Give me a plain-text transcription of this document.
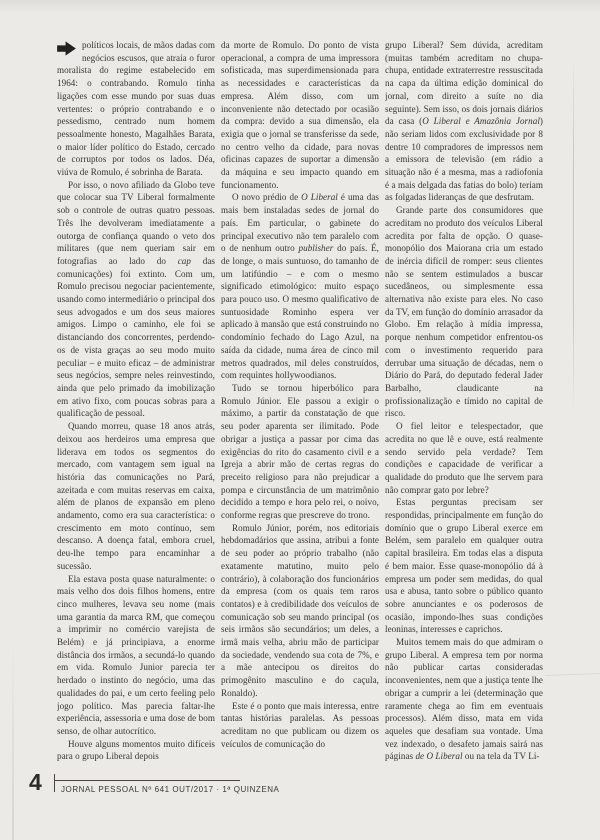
políticos locais, de mãos dadas com negócios escusos, que atraía o furor moralista do regime estabelecido em 1964: o contrabando. Romulo tinha ligações com esse mundo por suas duas vertentes: o próprio contrabando e o pessedismo, centrado num homem pessoalmente honesto, Magalhães Barata, o maior líder político do Estado, cercado de corruptos por todos os lados. Déa, viúva de Romulo, é sobrinha de Barata.

Por isso, o novo afiliado da Globo teve que colocar sua TV Liberal formalmente sob o controle de outras quatro pessoas. Três lhe devolveram imediatamente a outorga de confiança quando o veto dos militares (que nem queriam sair em fotografias ao lado do cap das comunicações) foi extinto. Com um, Romulo precisou negociar pacientemente, usando como intermediário o principal dos seus advogados e um dos seus maiores amigos. Limpo o caminho, ele foi se distanciando dos concorrentes, perdendo-os de vista graças ao seu modo muito peculiar – e muito eficaz – de administrar seus negócios, sempre neles reinvestindo, ainda que pelo primado da imobilização em ativo fixo, com poucas sobras para a qualificação de pessoal.

Quando morreu, quase 18 anos atrás, deixou aos herdeiros uma empresa que liderava em todos os segmentos do mercado, com vantagem sem igual na história das comunicações no Pará, azeitada e com muitas reservas em caixa, além de planos de expansão em pleno andamento, como era sua característica: o crescimento em moto contínuo, sem descanso. A doença fatal, embora cruel, deu-lhe tempo para encaminhar a sucessão.

Ela estava posta quase naturalmente: o mais velho dos dois filhos homens, entre cinco mulheres, levava seu nome (mais uma garantia da marca RM, que começou a imprimir no comércio varejista de Belém) e já principiava, a enorme distância dos irmãos, a secundá-lo quando em vida. Romulo Junior parecia ter herdado o instinto do negócio, uma das qualidades do pai, e um certo feeling pelo jogo político. Mas parecia faltar-lhe experiência, assessoria e uma dose de bom senso, de olhar autocrítico.

Houve alguns momentos muito difíceis para o grupo Liberal depois

da morte de Romulo. Do ponto de vista operacional, a compra de uma impressora sofisticada, mas superdimensionada para as necessidades e características da empresa. Além disso, com um inconveniente não detectado por ocasião da compra: devido a sua dimensão, ela exigia que o jornal se transferisse da sede, no centro velho da cidade, para novas oficinas capazes de suportar a dimensão da máquina e seu impacto quando em funcionamento.

O novo prédio de O Liberal é uma das mais bem instaladas sedes de jornal do país. Em particular, o gabinete do principal executivo não tem paralelo com o de nenhum outro publisher do país. É, de longe, o mais suntuoso, do tamanho de um latifúndio – e com o mesmo significado etimológico: muito espaço para pouco uso. O mesmo qualificativo de suntuosidade Rominho espera ver aplicado à mansão que está construindo no condomínio fechado do Lago Azul, na saída da cidade, numa área de cinco mil metros quadrados, mil deles construídos, com requintes hollywoodianos.

Tudo se tornou hiperbólico para Romulo Júnior. Ele passou a exigir o máximo, a partir da constatação de que seu poder aparenta ser ilimitado. Pode obrigar a justiça a passar por cima das exigências do rito do casamento civil e a Igreja a abrir mão de certas regras do preceito religioso para não prejudicar a pompa e circunstância de um matrimônio decidido a tempo e hora pelo rei, o noivo, conforme regras que prescreve do trono.

Romulo Júnior, porém, nos editoriais hebdomadários que assina, atribui a fonte de seu poder ao próprio trabalho (não exatamente matutino, muito pelo contrário), à colaboração dos funcionários da empresa (com os quais tem raros contatos) e à credibilidade dos veículos de comunicação sob seu mando principal (os seis irmãos são secundários; um deles, a irmã mais velha, abriu mão de participar da sociedade, vendendo sua cota de 7%, e a mãe antecipou os direitos do primogênito masculino e do caçula, Ronaldo).

Este é o ponto que mais interessa, entre tantas histórias paralelas. As pessoas acreditam no que publicam ou dizem os veículos de comunicação do

grupo Liberal? Sem dúvida, acreditam (muitas também acreditam no chupa-chupa, entidade extraterrestre ressuscitada na capa da última edição dominical do jornal, com direito a suíte no dia seguinte). Sem isso, os dois jornais diários da casa (O Liberal e Amazônia Jornal) não seriam lidos com exclusividade por 8 dentre 10 compradores de impressos nem a emissora de televisão (em rádio a situação não é a mesma, mas a radiofonia é a mais delgada das fatias do bolo) teriam as folgadas lideranças de que desfrutam.

Grande parte dos consumidores que acreditam no produto dos veículos Liberal acredita por falta de opção. O quase-monopólio dos Maiorana cria um estado de inércia difícil de romper: seus clientes não se sentem estimulados a buscar sucedâneos, ou simplesmente essa alternativa não existe para eles. No caso da TV, em função do domínio arrasador da Globo. Em relação à mídia impressa, porque nenhum competidor enfrentou-os com o investimento requerido para derrubar uma situação de décadas, nem o Diário do Pará, do deputado federal Jader Barbalho, claudicante na profissionalização e tímido no capital de risco.

O fiel leitor e telespectador, que acredita no que lê e ouve, está realmente sendo servido pela verdade? Tem condições e capacidade de verificar a qualidade do produto que lhe servem para não comprar gato por lebre?

Estas perguntas precisam ser respondidas, principalmente em função do domínio que o grupo Liberal exerce em Belém, sem paralelo em qualquer outra capital brasileira. Em todas elas a disputa é bem maior. Esse quase-monopólio dá à empresa um poder sem medidas, do qual usa e abusa, tanto sobre o público quanto sobre anunciantes e os poderosos de ocasião, impondo-lhes suas condições leoninas, interesses e caprichos.

Muitos temem mais do que admiram o grupo Liberal. A empresa tem por norma não publicar cartas consideradas inconvenientes, nem que a justiça tente lhe obrigar a cumprir a lei (determinação que raramente chega ao fim em eventuais processos). Além disso, mata em vida aqueles que desafiam sua vontade. Uma vez indexado, o desafeto jamais sairá nas páginas de O Liberal ou na tela da TV Li-

4 JORNAL PESSOAL Nº 641 OUT/2017 · 1ª QUINZENA
